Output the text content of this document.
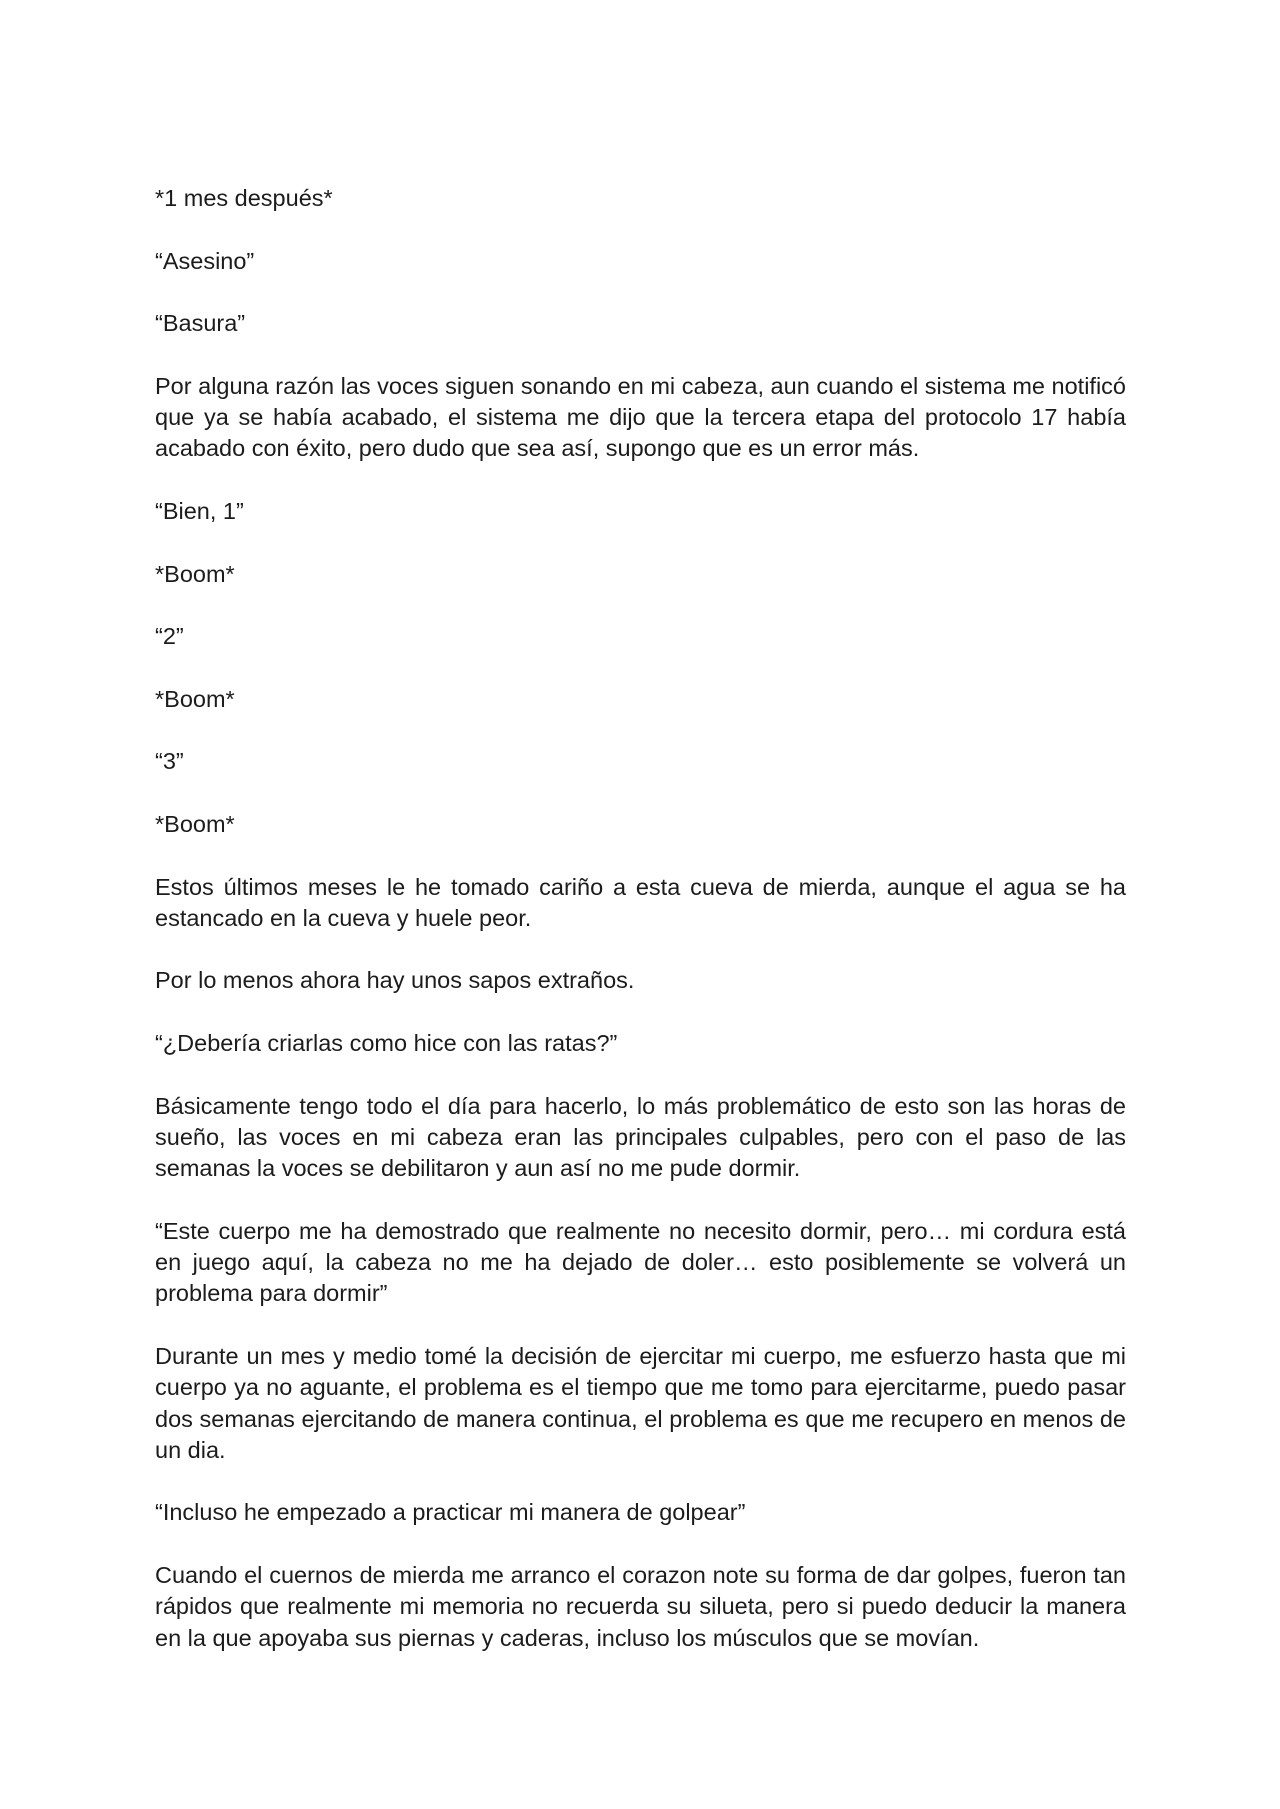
*1 mes después*

“Asesino”

“Basura”

Por alguna razón las voces siguen sonando en mi cabeza, aun cuando el sistema me notificó que ya se había acabado, el sistema me dijo que la tercera etapa del protocolo 17 había acabado con éxito, pero dudo que sea así, supongo que es un error más.

“Bien, 1”

*Boom*

“2”

*Boom*

“3”

*Boom*

Estos últimos meses le he tomado cariño a esta cueva de mierda, aunque el agua se ha estancado en la cueva y huele peor.

Por lo menos ahora hay unos sapos extraños.

“¿Debería criarlas como hice con las ratas?”

Básicamente tengo todo el día para hacerlo, lo más problemático de esto son las horas de sueño, las voces en mi cabeza eran las principales culpables, pero con el paso de las semanas la voces se debilitaron y aun así no me pude dormir.

“Este cuerpo me ha demostrado que realmente no necesito dormir, pero… mi cordura está en juego aquí, la cabeza no me ha dejado de doler… esto posiblemente se volverá un problema para dormir”

Durante un mes y medio tomé la decisión de ejercitar mi cuerpo, me esfuerzo hasta que mi cuerpo ya no aguante, el problema es el tiempo que me tomo para ejercitarme, puedo pasar dos semanas ejercitando de manera continua, el problema es que me recupero en menos de un dia.

“Incluso he empezado a practicar mi manera de golpear”

Cuando el cuernos de mierda me arranco el corazon note su forma de dar golpes, fueron tan rápidos que realmente mi memoria no recuerda su silueta, pero si puedo deducir la manera en la que apoyaba sus piernas y caderas, incluso los músculos que se movían.
